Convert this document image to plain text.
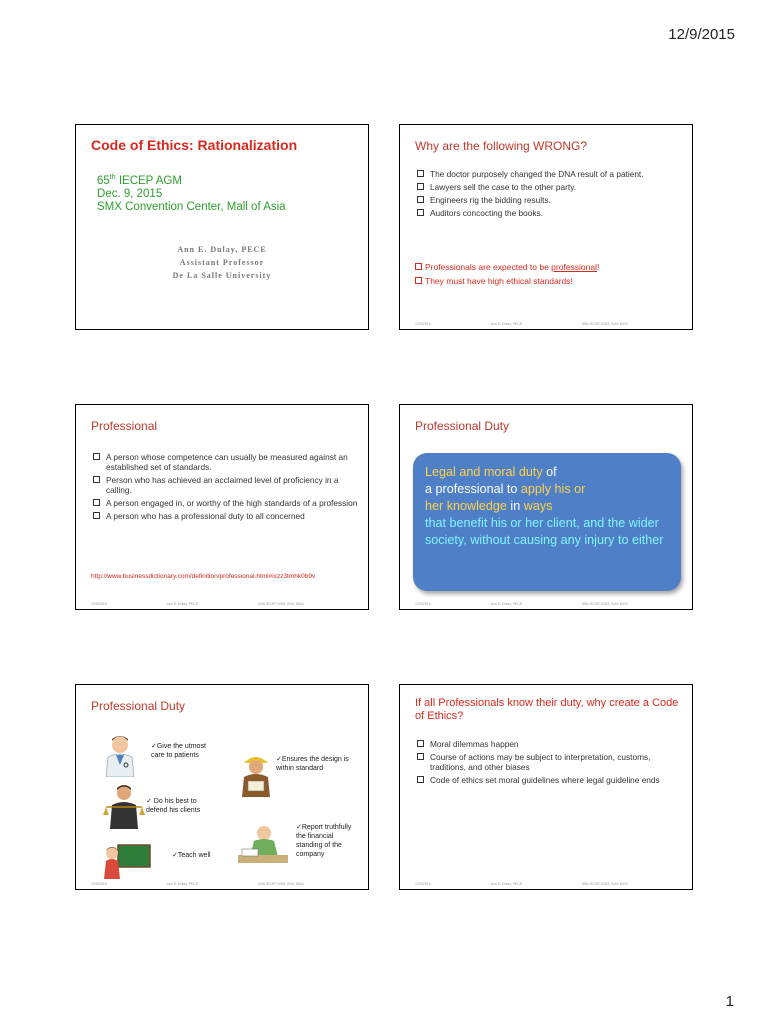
12/9/2015
Code of Ethics: Rationalization
65th IECEP AGM
Dec. 9, 2015
SMX Convention Center, Mall of Asia
Ann E. Dulay, PECE
Assistant Professor
De La Salle University
Why are the following WRONG?
The doctor purposely changed the DNA result of a patient.
Lawyers sell the case to the other party.
Engineers rig the bidding results.
Auditors concocting the books.
Professionals are expected to be professional!
They must have high ethical standards!
12/9/2015	Ann E. Dulay, PECE	65th IECEP AGM, SMX MOA
Professional
A person whose competence can usually be measured against an established set of standards.
Person who has achieved an acclaimed level of proficiency in a calling.
A person engaged in, or worthy of the high standards of a profession
A person who has a professional duty to all concerned
http://www.businessdictionary.com/definition/professional.html#ixzz3tmhk0b9v
12/9/2015	Ann E. Dulay, PECE	65th IECEP AGM, SMX MOA
Professional Duty
Legal and moral duty of
a professional to apply his or
her knowledge in ways
that benefit his or her client, and the wider society, without causing any injury to either
12/9/2015	Ann E. Dulay, PECE	65th IECEP AGM, SMX MOA
Professional Duty
✓Give the utmost care to patients
✓Ensures the design is within standard
✓ Do his best to defend his clients
✓Report truthfully the financial standing of the company
✓Teach well
12/9/2015	Ann E. Dulay, PECE	65th IECEP AGM, SMX MOA
If all Professionals know their duty, why create a Code of Ethics?
Moral dilemmas happen
Course of actions may be subject to interpretation, customs, traditions, and other biases
Code of ethics set moral guidelines where legal guideline ends
12/9/2015	Ann E. Dulay, PECE	65th IECEP AGM, SMX MOA
1
